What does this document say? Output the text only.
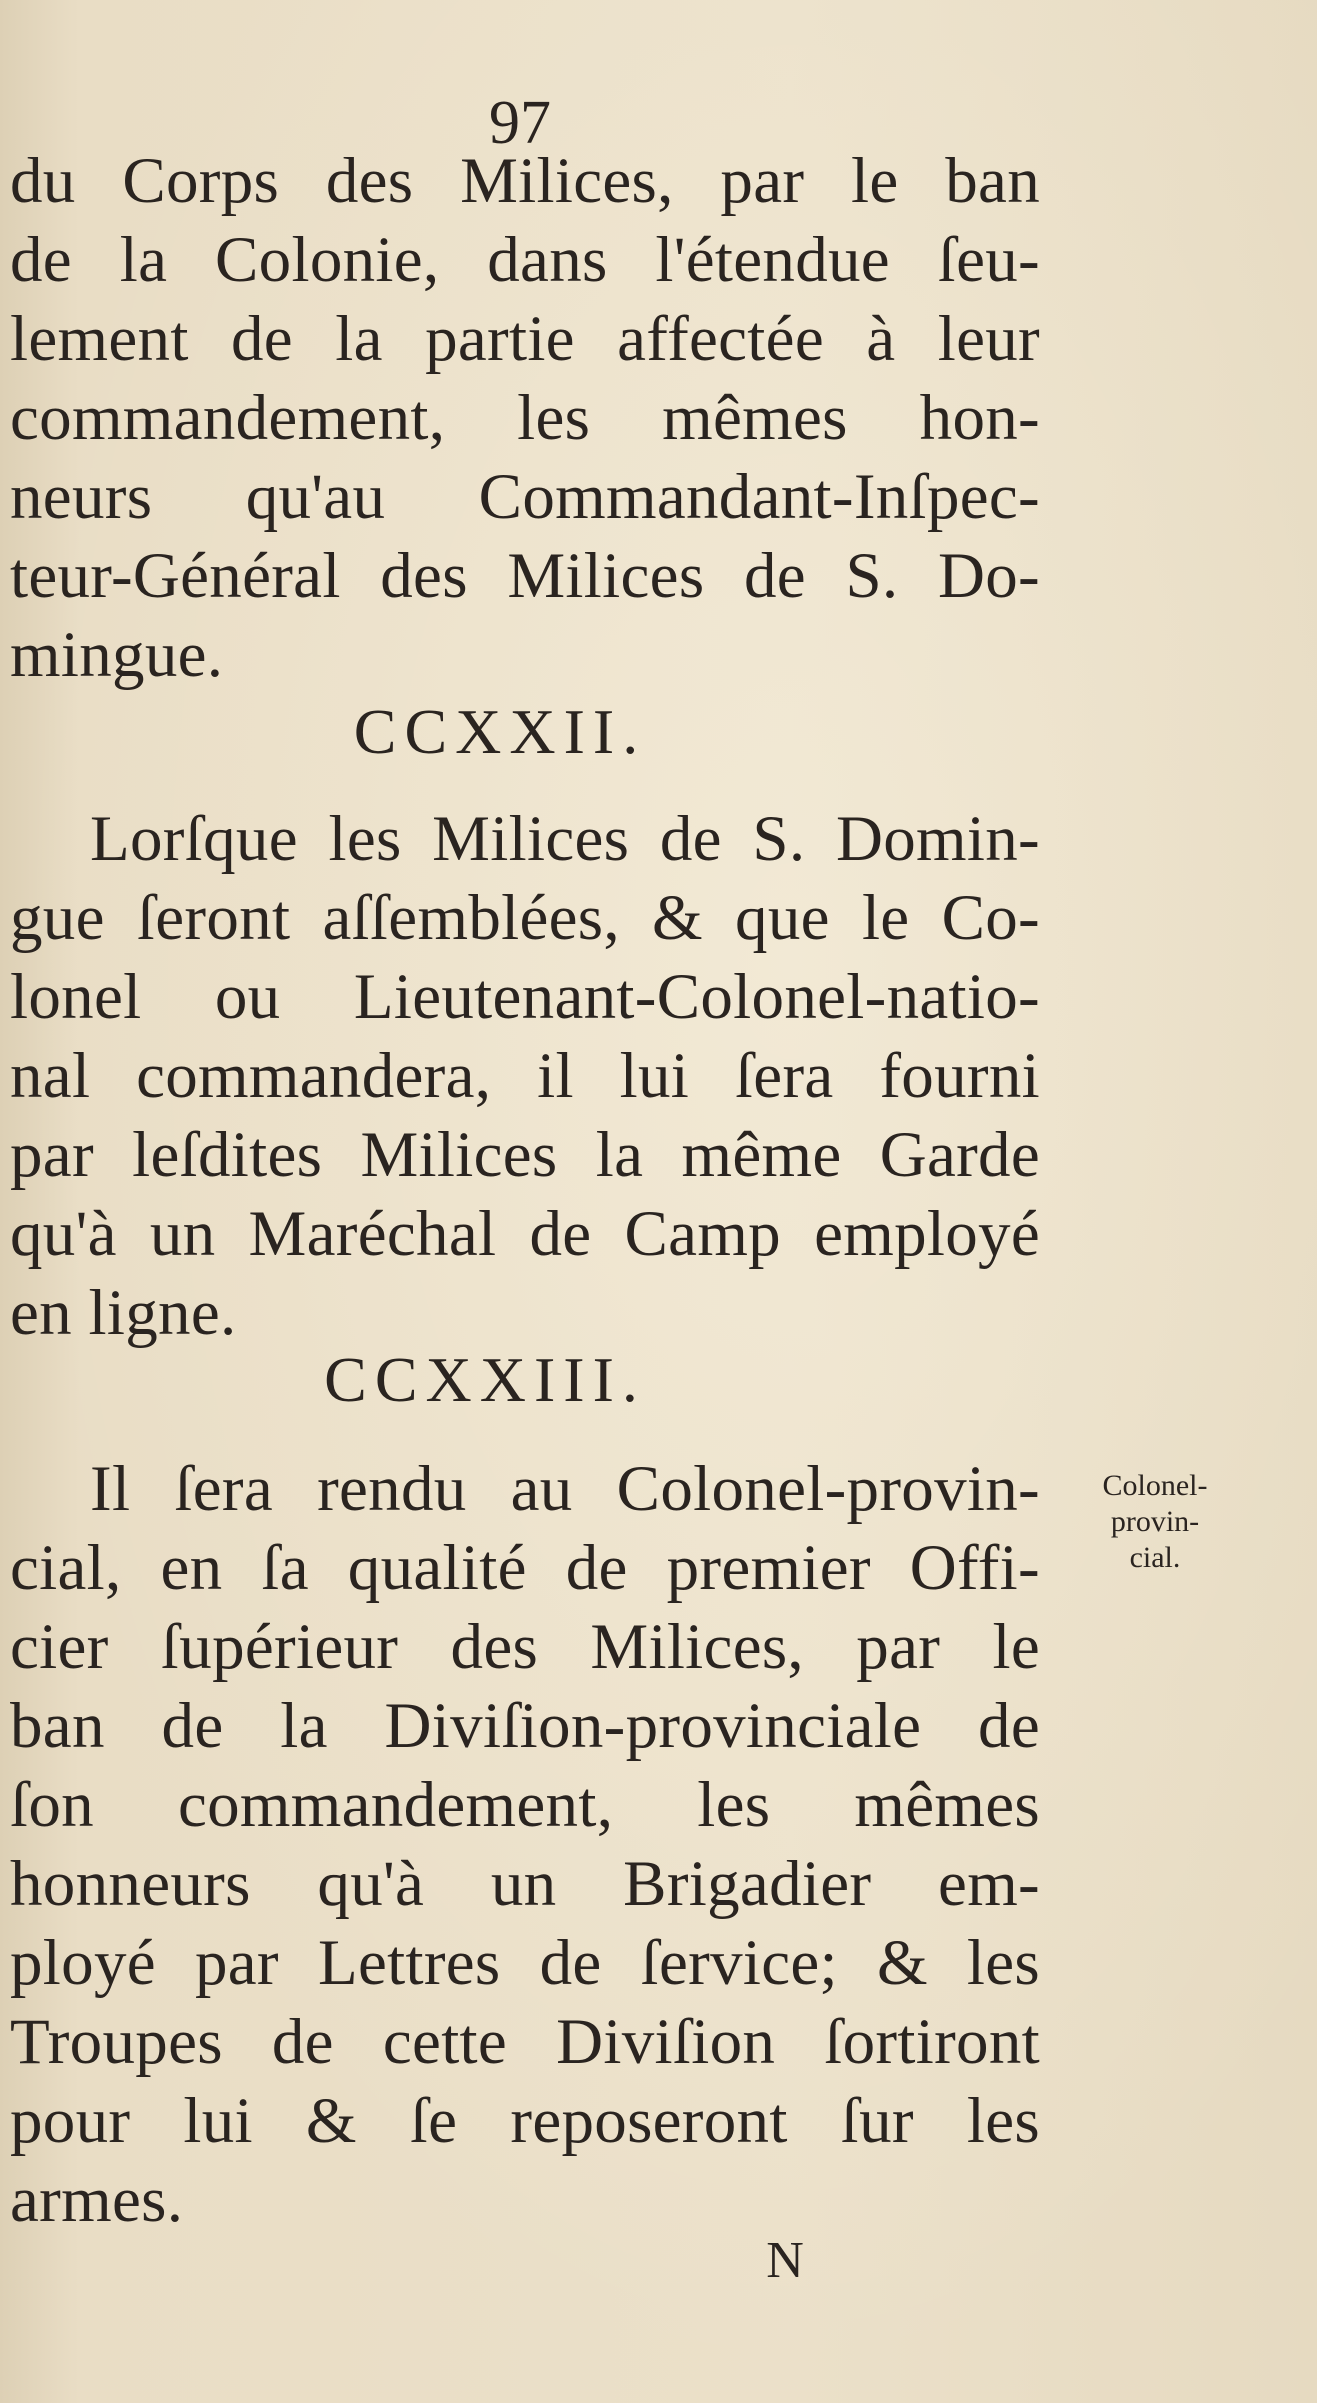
97
du Corps des Milices, par le ban
de la Colonie, dans l'étendue ſeu-
lement de la partie affectée à leur
commandement, les mêmes hon-
neurs qu'au Commandant-Inſpec-
teur-Général des Milices de S. Do-
mingue.
CCXXII.
Lorſque les Milices de S. Domin-
gue ſeront aſſemblées, & que le Co-
lonel ou Lieutenant-Colonel-natio-
nal commandera, il lui ſera fourni
par leſdites Milices la même Garde
qu'à un Maréchal de Camp employé
en ligne.
CCXXIII.
Il ſera rendu au Colonel-provin-
cial, en ſa qualité de premier Offi-
cier ſupérieur des Milices, par le
ban de la Diviſion-provinciale de
ſon commandement, les mêmes
honneurs qu'à un Brigadier em-
ployé par Lettres de ſervice; & les
Troupes de cette Diviſion ſortiront
pour lui & ſe reposeront ſur les
armes.
Colonel-
provin-
cial.
N
